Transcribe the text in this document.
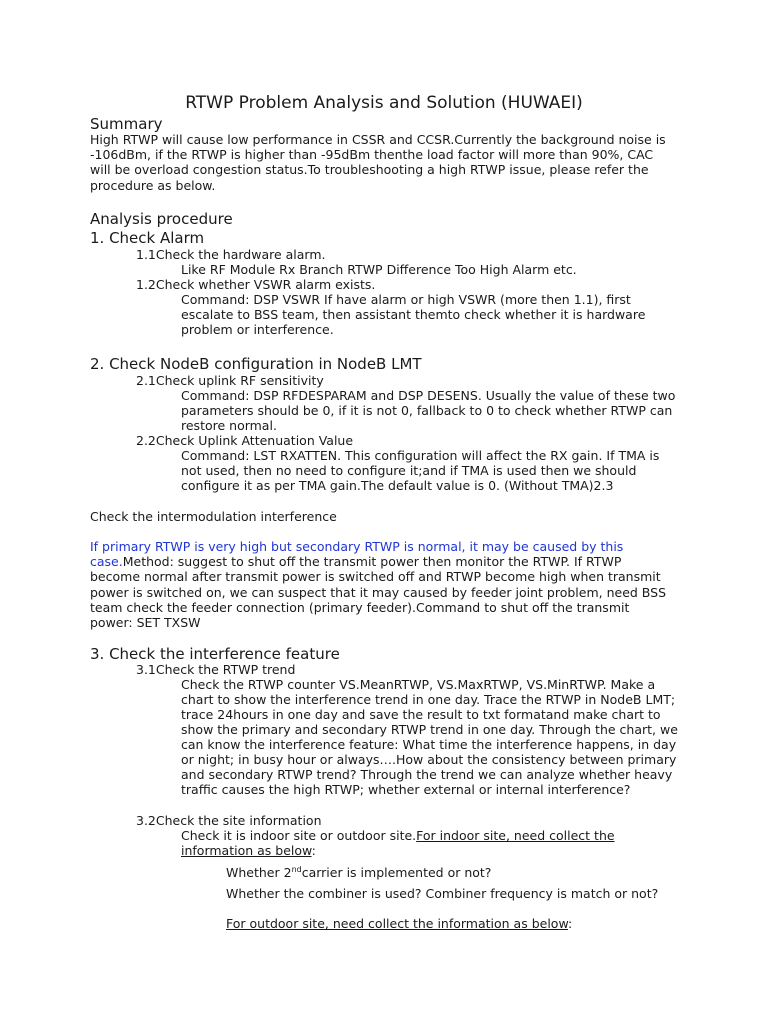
RTWP Problem Analysis and Solution (HUWAEI)
Summary
High RTWP will cause low performance in CSSR and CCSR.Currently the background noise is -106dBm, if the RTWP is higher than -95dBm thenthe load factor will more than 90%, CAC will be overload congestion status.To troubleshooting a high RTWP issue, please refer the procedure as below.
Analysis procedure
1. Check Alarm
1.1Check the hardware alarm.
Like RF Module Rx Branch RTWP Difference Too High Alarm etc.
1.2Check whether VSWR alarm exists.
Command: DSP VSWR If have alarm or high VSWR (more then 1.1), first escalate to BSS team, then assistant themto check whether it is hardware problem or interference.
2. Check NodeB configuration in NodeB LMT
2.1Check uplink RF sensitivity
Command: DSP RFDESPARAM and DSP DESENS. Usually the value of these two parameters should be 0, if it is not 0, fallback to 0 to check whether RTWP can restore normal.
2.2Check Uplink Attenuation Value
Command: LST RXATTEN. This configuration will affect the RX gain. If TMA is not used, then no need to configure it;and if TMA is used then we should configure it as per TMA gain.The default value is 0. (Without TMA)2.3
Check the intermodulation interference
If primary RTWP is very high but secondary RTWP is normal, it may be caused by this case.Method: suggest to shut off the transmit power then monitor the RTWP. If RTWP become normal after transmit power is switched off and RTWP become high when transmit power is switched on, we can suspect that it may caused by feeder joint problem, need BSS team check the feeder connection (primary feeder).Command to shut off the transmit power: SET TXSW
3. Check the interference feature
3.1Check the RTWP trend
Check the RTWP counter VS.MeanRTWP, VS.MaxRTWP, VS.MinRTWP. Make a chart to show the interference trend in one day. Trace the RTWP in NodeB LMT; trace 24hours in one day and save the result to txt formatand make chart to show the primary and secondary RTWP trend in one day. Through the chart, we can know the interference feature: What time the interference happens, in day or night; in busy hour or always….How about the consistency between primary and secondary RTWP trend? Through the trend we can analyze whether heavy traffic causes the high RTWP; whether external or internal interference?
3.2Check the site information
Check it is indoor site or outdoor site.For indoor site, need collect the information as below:
Whether 2ndcarrier is implemented or not?
Whether the combiner is used? Combiner frequency is match or not?
For outdoor site, need collect the information as below:
